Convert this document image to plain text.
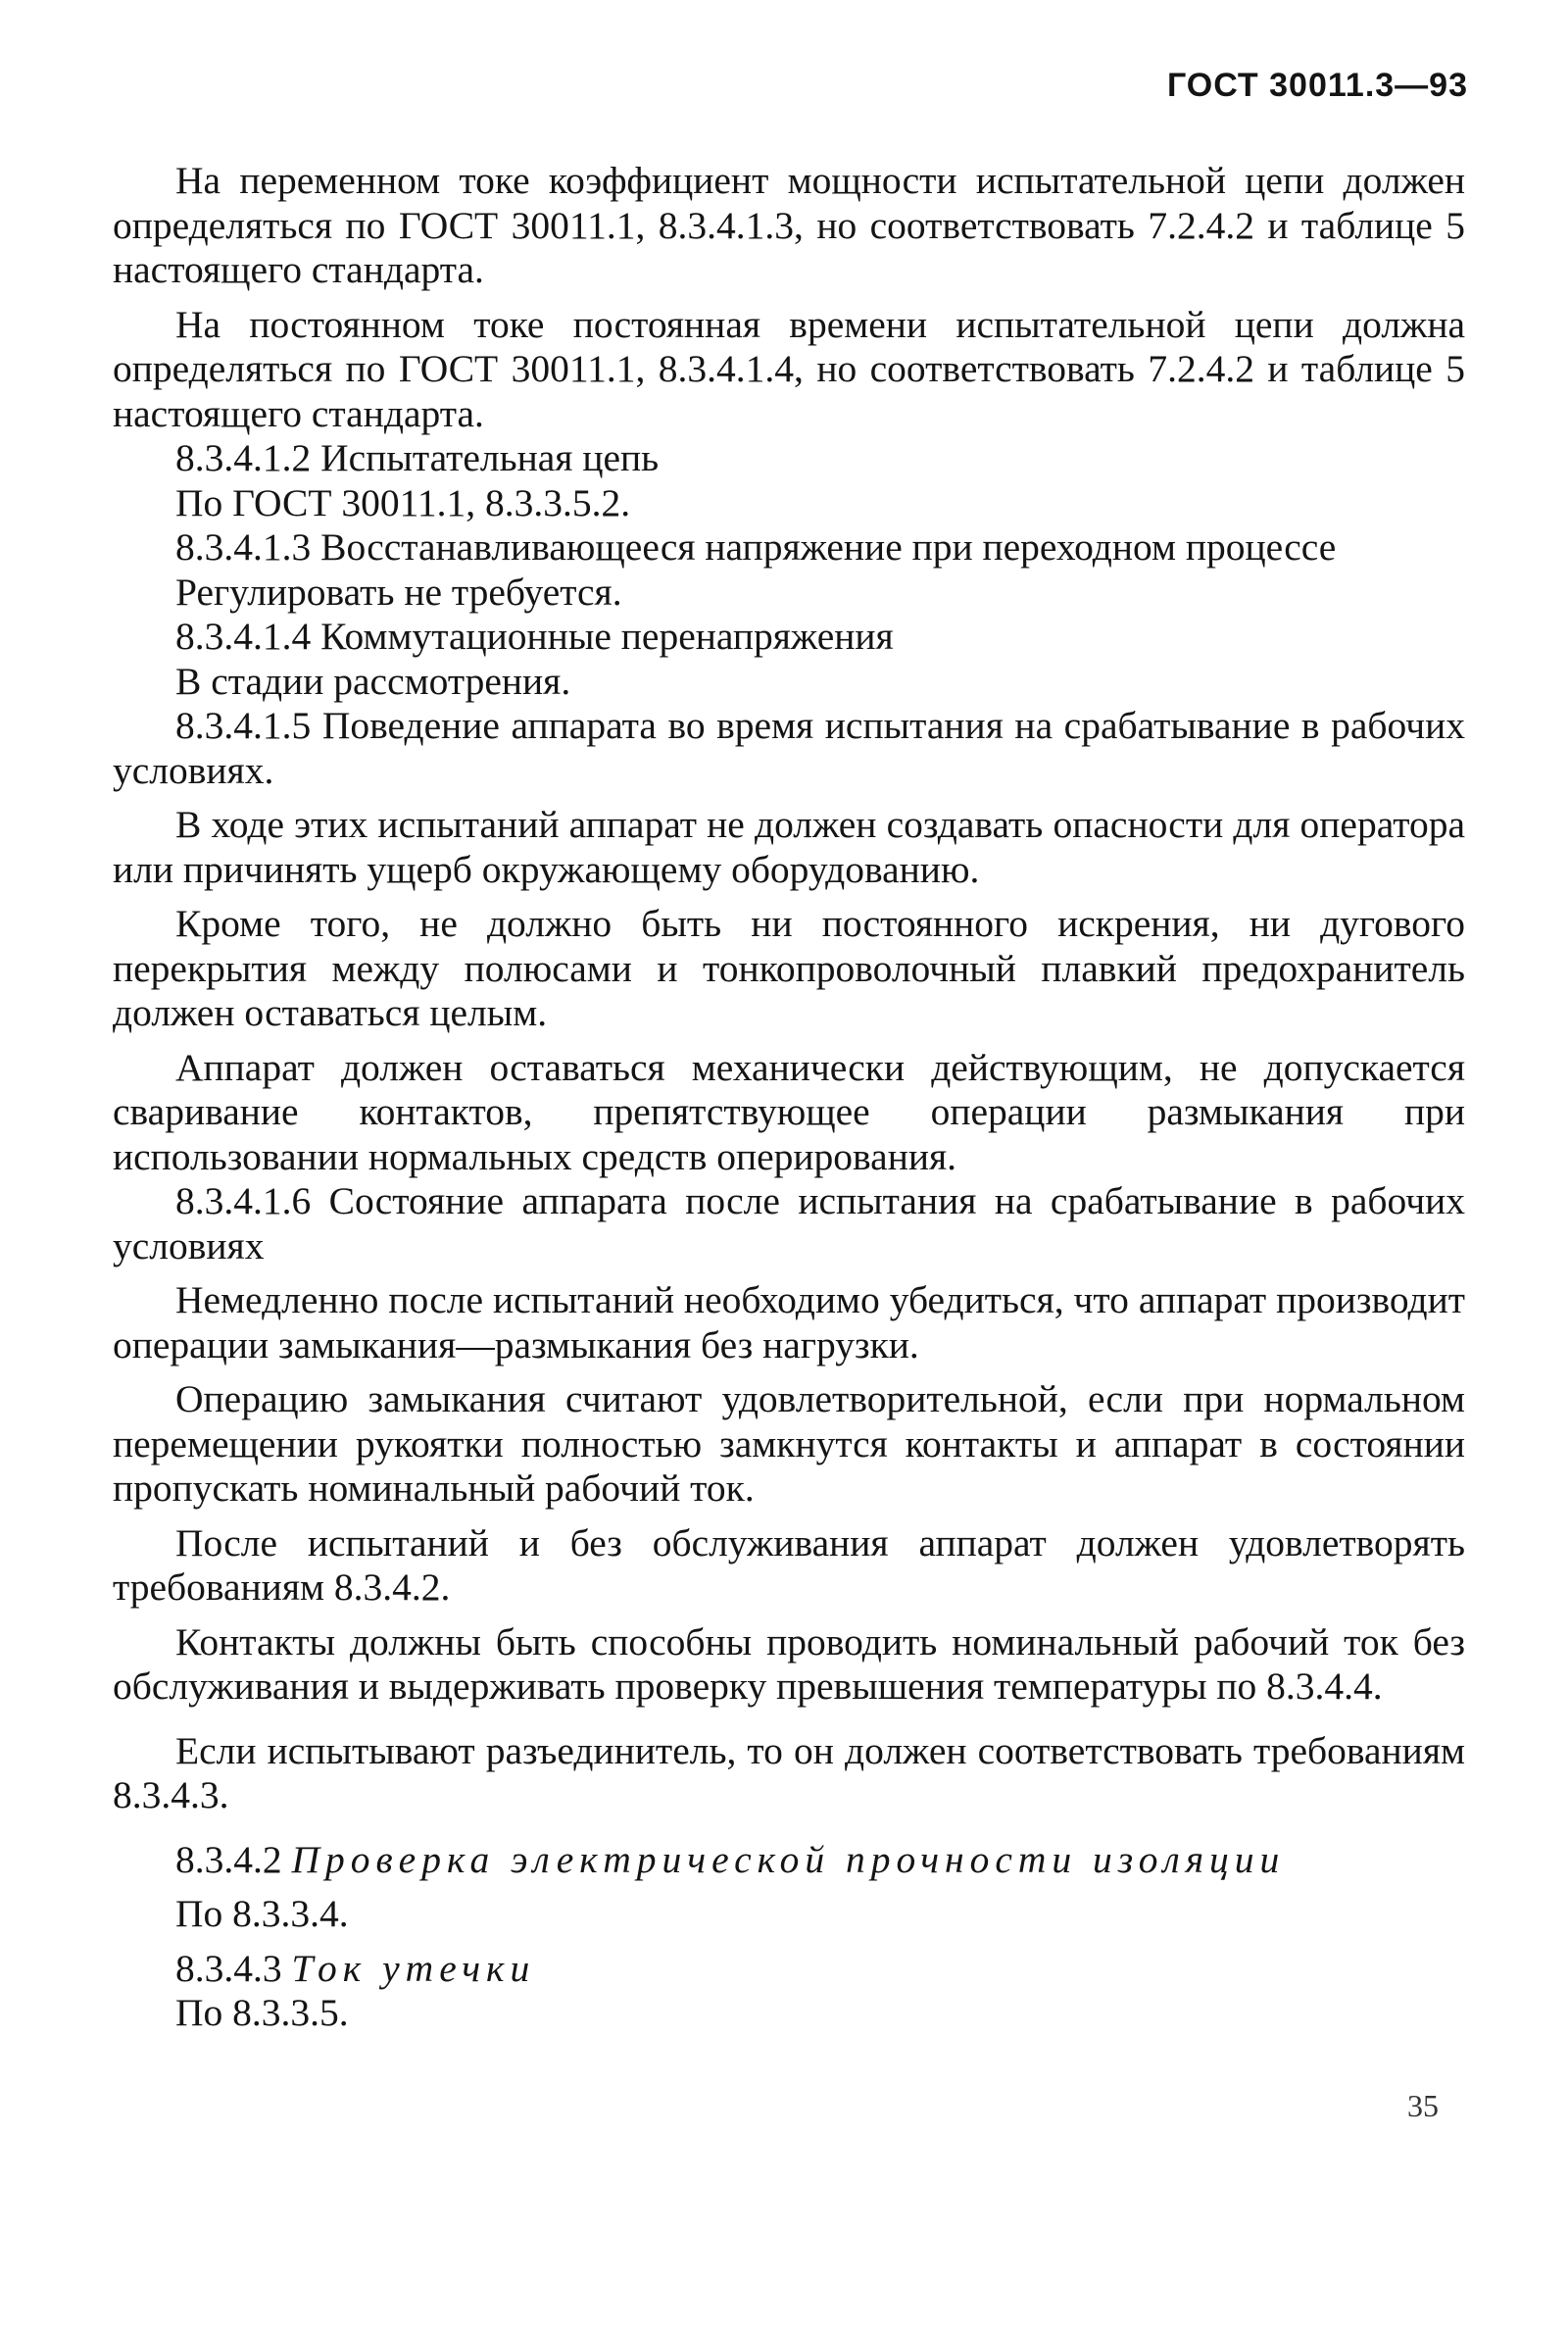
ГОСТ 30011.3—93

На переменном токе коэффициент мощности испытательной цепи должен определяться по ГОСТ 30011.1, 8.3.4.1.3, но соответствовать 7.2.4.2 и таблице 5 настоящего стандарта.

На постоянном токе постоянная времени испытательной цепи должна определяться по ГОСТ 30011.1, 8.3.4.1.4, но соответствовать 7.2.4.2 и таблице 5 настоящего стандарта.

8.3.4.1.2 Испытательная цепь

По ГОСТ 30011.1, 8.3.3.5.2.

8.3.4.1.3 Восстанавливающееся напряжение при переходном процессе

Регулировать не требуется.

8.3.4.1.4 Коммутационные перенапряжения

В стадии рассмотрения.

8.3.4.1.5 Поведение аппарата во время испытания на срабатывание в рабочих условиях.

В ходе этих испытаний аппарат не должен создавать опасности для оператора или причинять ущерб окружающему оборудованию.

Кроме того, не должно быть ни постоянного искрения, ни дугового перекрытия между полюсами и тонкопроволочный плавкий предохранитель должен оставаться целым.

Аппарат должен оставаться механически действующим, не допускается сваривание контактов, препятствующее операции размыкания при использовании нормальных средств оперирования.

8.3.4.1.6 Состояние аппарата после испытания на срабатывание в рабочих условиях

Немедленно после испытаний необходимо убедиться, что аппарат производит операции замыкания—размыкания без нагрузки.

Операцию замыкания считают удовлетворительной, если при нормальном перемещении рукоятки полностью замкнутся контакты и аппарат в состоянии пропускать номинальный рабочий ток.

После испытаний и без обслуживания аппарат должен удовлетворять требованиям 8.3.4.2.

Контакты должны быть способны проводить номинальный рабочий ток без обслуживания и выдерживать проверку превышения температуры по 8.3.4.4.

Если испытывают разъединитель, то он должен соответствовать требованиям 8.3.4.3.

8.3.4.2 Проверка электрической прочности изоляции

По 8.3.3.4.

8.3.4.3 Ток утечки

По 8.3.3.5.

35
